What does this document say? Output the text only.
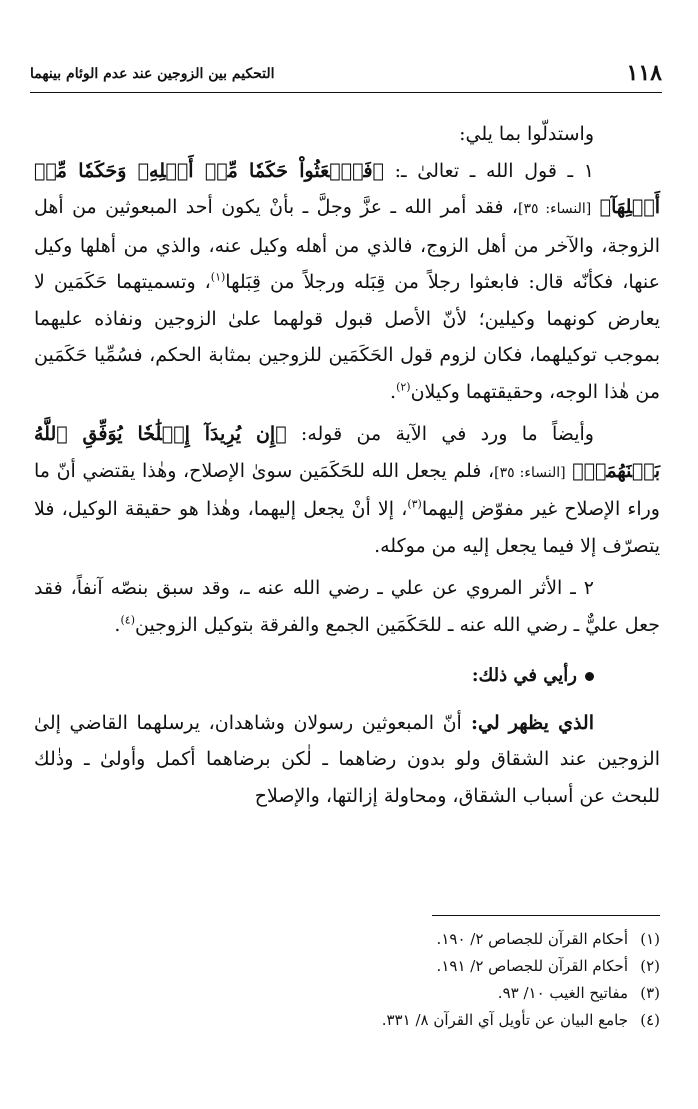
١١٨
التحكيم بين الزوجين عند عدم الوئام بينهما

واستدلّوا بما يلي:

١ ـ قول الله ـ تعالىٰ ـ: ﴿فَٱبۡعَثُواْ حَكَمٗا مِّنۡ أَهۡلِهِۦ وَحَكَمٗا مِّنۡ أَهۡلِهَآ﴾ [النساء: ٣٥]، فقد أمر الله ـ عزَّ وجلَّ ـ بأنْ يكون أحد المبعوثين من أهل الزوجة، والآخر من أهل الزوج، فالذي من أهله وكيل عنه، والذي من أهلها وكيل عنها، فكأنّه قال: فابعثوا رجلاً من قِبَله ورجلاً من قِبَلها$^{(١)}$، وتسميتهما حَكَمَين لا يعارض كونهما وكيلين؛ لأنّ الأصل قبول قولهما علىٰ الزوجين ونفاذه عليهما بموجب توكيلهما، فكان لزوم قول الحَكَمَين للزوجين بمثابة الحكم، فسُمِّيا حَكَمَين من هٰذا الوجه، وحقيقتهما وكيلان$^{(٢)}$.

وأيضاً ما ورد في الآية من قوله: ﴿إِن يُرِيدَآ إِصۡلَٰحٗا يُوَفِّقِ ٱللَّهُ بَيۡنَهُمَآۗ﴾ [النساء: ٣٥]، فلم يجعل الله للحَكَمَين سوىٰ الإصلاح، وهٰذا يقتضي أنّ ما وراء الإصلاح غير مفوّض إليهما$^{(٣)}$، إلا أنْ يجعل إليهما، وهٰذا هو حقيقة الوكيل، فلا يتصرّف إلا فيما يجعل إليه من موكله.

٢ ـ الأثر المروي عن علي ـ رضي الله عنه ـ، وقد سبق بنصّه آنفاً، فقد جعل عليٌّ ـ رضي الله عنه ـ للحَكَمَين الجمع والفرقة بتوكيل الزوجين$^{(٤)}$.

رأيي في ذلك:

الذي يظهر لي: أنّ المبعوثين رسولان وشاهدان، يرسلهما القاضي إلىٰ الزوجين عند الشقاق ولو بدون رضاهما ـ لٰكن برضاهما أكمل وأولىٰ ـ وذٰلك للبحث عن أسباب الشقاق، ومحاولة إزالتها، والإصلاح

(١)أحكام القرآن للجصاص ٢/ ١٩٠.
(٢)أحكام القرآن للجصاص ٢/ ١٩١.
(٣)مفاتيح الغيب ١٠/ ٩٣.
(٤)جامع البيان عن تأويل آي القرآن ٨/ ٣٣١.
